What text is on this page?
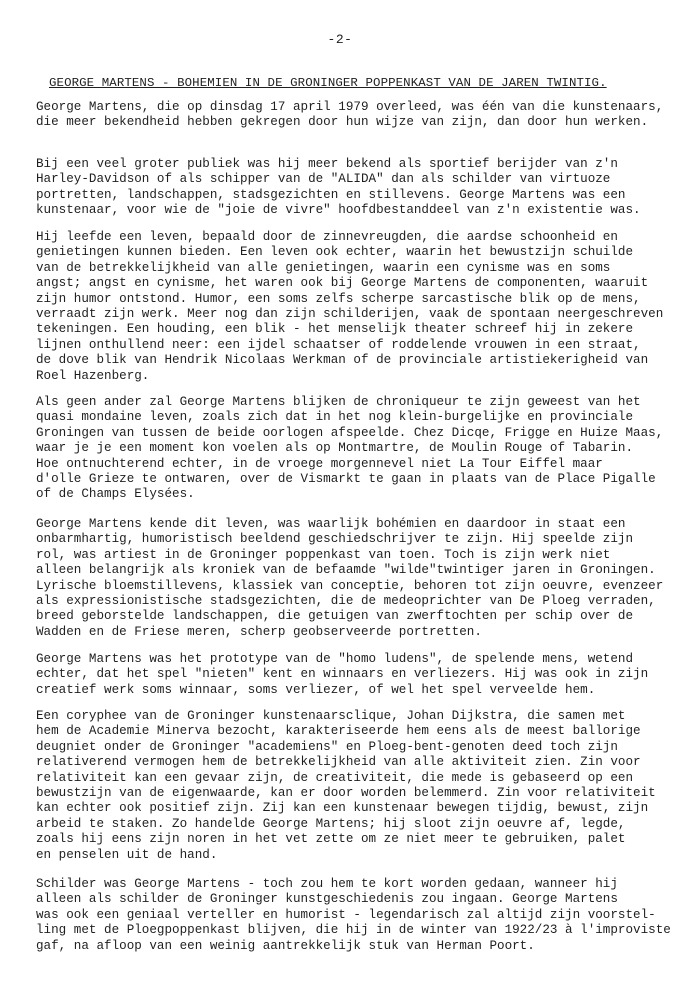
-2-
GEORGE MARTENS - BOHEMIEN IN DE GRONINGER POPPENKAST VAN DE JAREN TWINTIG.
George Martens, die op dinsdag 17 april 1979 overleed, was één van die kunstenaars,
die meer bekendheid hebben gekregen door hun wijze van zijn, dan door hun werken.
Bij een veel groter publiek was hij meer bekend als sportief berijder van z'n
Harley-Davidson of als schipper van de "ALIDA" dan als schilder van virtuoze
portretten, landschappen, stadsgezichten en stillevens. George Martens was een
kunstenaar, voor wie de "joie de vivre" hoofdbestanddeel van z'n existentie was.
Hij leefde een leven, bepaald door de zinnevreugden, die aardse schoonheid en
genietingen kunnen bieden. Een leven ook echter, waarin het bewustzijn schuilde
van de betrekkelijkheid van alle genietingen, waarin een cynisme was en soms
angst; angst en cynisme, het waren ook bij George Martens de componenten, waaruit
zijn humor ontstond. Humor, een soms zelfs scherpe sarcastische blik op de mens,
verraadt zijn werk. Meer nog dan zijn schilderijen, vaak de spontaan neergeschreven
tekeningen. Een houding, een blik - het menselijk theater schreef hij in zekere
lijnen onthullend neer: een ijdel schaatser of roddelende vrouwen in een straat,
de dove blik van Hendrik Nicolaas Werkman of de provinciale artistiekerigheid van
Roel Hazenberg.
Als geen ander zal George Martens blijken de chroniqueur te zijn geweest van het
quasi mondaine leven, zoals zich dat in het nog klein-burgelijke en provinciale
Groningen van tussen de beide oorlogen afspeelde. Chez Dicqe, Frigge en Huize Maas,
waar je je een moment kon voelen als op Montmartre, de Moulin Rouge of Tabarin.
Hoe ontnuchterend echter, in de vroege morgennevel niet La Tour Eiffel maar
d'olle Grieze te ontwaren, over de Vismarkt te gaan in plaats van de Place Pigalle
of de Champs Elysées.
George Martens kende dit leven, was waarlijk bohémien en daardoor in staat een
onbarmhartig, humoristisch beeldend geschiedschrijver te zijn. Hij speelde zijn
rol, was artiest in de Groninger poppenkast van toen. Toch is zijn werk niet
alleen belangrijk als kroniek van de befaamde "wilde"twintiger jaren in Groningen.
Lyrische bloemstillevens, klassiek van conceptie, behoren tot zijn oeuvre, evenzeer
als expressionistische stadsgezichten, die de medeoprichter van De Ploeg verraden,
breed geborstelde landschappen, die getuigen van zwerftochten per schip over de
Wadden en de Friese meren, scherp geobserveerde portretten.
George Martens was het prototype van de "homo ludens", de spelende mens, wetend
echter, dat het spel "nieten" kent en winnaars en verliezers. Hij was ook in zijn
creatief werk soms winnaar, soms verliezer, of wel het spel verveelde hem.
Een coryphee van de Groninger kunstenaarsclique, Johan Dijkstra, die samen met
hem de Academie Minerva bezocht, karakteriseerde hem eens als de meest ballorige
deugniet onder de Groninger "academiens" en Ploeg-bent-genoten deed toch zijn
relativerend vermogen hem de betrekkelijkheid van alle aktiviteit zien. Zin voor
relativiteit kan een gevaar zijn, de creativiteit, die mede is gebaseerd op een
bewustzijn van de eigenwaarde, kan er door worden belemmerd. Zin voor relativiteit
kan echter ook positief zijn. Zij kan een kunstenaar bewegen tijdig, bewust, zijn
arbeid te staken. Zo handelde George Martens; hij sloot zijn oeuvre af, legde,
zoals hij eens zijn noren in het vet zette om ze niet meer te gebruiken, palet
en penselen uit de hand.
Schilder was George Martens - toch zou hem te kort worden gedaan, wanneer hij
alleen als schilder de Groninger kunstgeschiedenis zou ingaan. George Martens
was ook een geniaal verteller en humorist - legendarisch zal altijd zijn voorstel-
ling met de Ploegpoppenkast blijven, die hij in de winter van 1922/23 à l'improviste
gaf, na afloop van een weinig aantrekkelijk stuk van Herman Poort.
